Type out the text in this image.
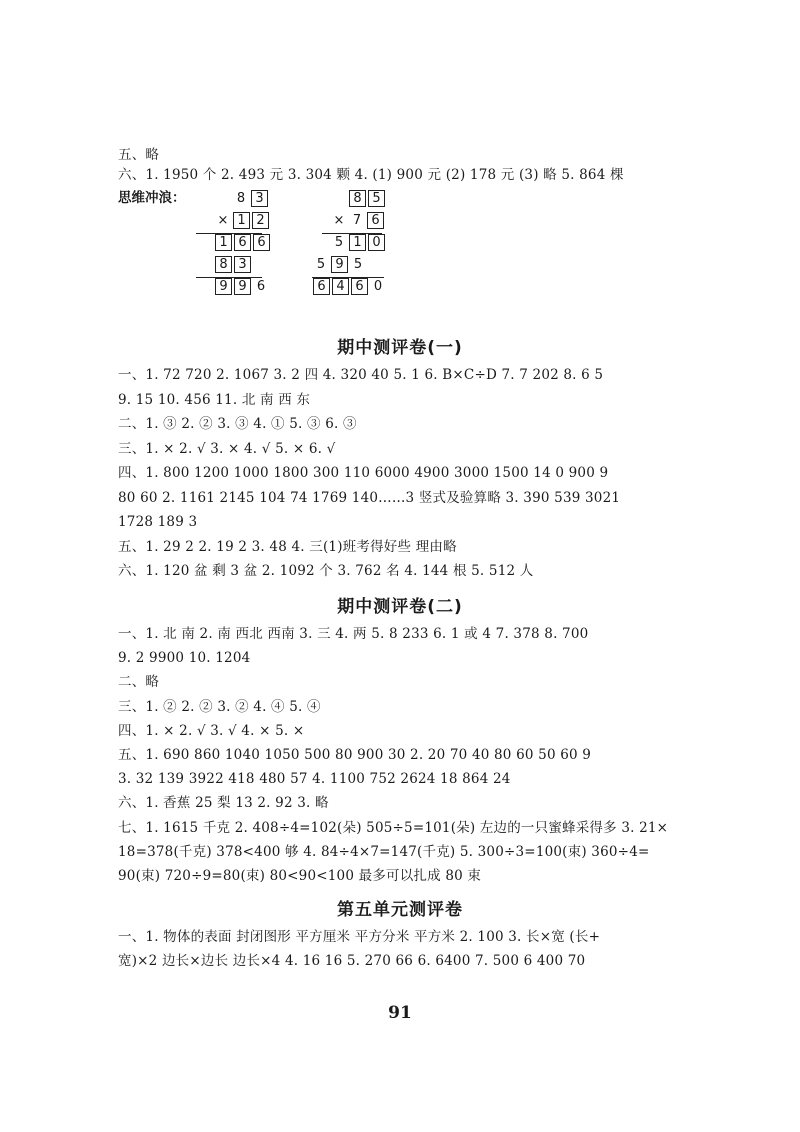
五、略
六、1. 1950 个 2. 493 元 3. 304 颗 4. (1) 900 元 (2) 178 元 (3) 略 5. 864 棵
思维冲浪：	8 3
× 1 2
1 6 6
8 3
9 9 6
8 5
× 7 6
5 1 0
5 9 5
6 4 6 0
期中测评卷(一)
一、1. 72 720 2. 1067 3. 2 四 4. 320 40 5. 1 6. B×C÷D 7. 7 202 8. 6 5
9. 15 10. 456 11. 北 南 西 东
二、1. ③ 2. ② 3. ③ 4. ① 5. ③ 6. ③
三、1. × 2. √ 3. × 4. √ 5. × 6. √
四、1. 800 1200 1000 1800 300 110 6000 4900 3000 1500 14 0 900 9
80 60 2. 1161 2145 104 74 1769 140……3 竖式及验算略 3. 390 539 3021
1728 189 3
五、1. 29 2 2. 19 2 3. 48 4. 三(1)班考得好些 理由略
六、1. 120 盆 剩 3 盆 2. 1092 个 3. 762 名 4. 144 根 5. 512 人
期中测评卷(二)
一、1. 北 南 2. 南 西北 西南 3. 三 4. 两 5. 8 233 6. 1 或 4 7. 378 8. 700
9. 2 9900 10. 1204
二、略
三、1. ② 2. ② 3. ② 4. ④ 5. ④
四、1. × 2. √ 3. √ 4. × 5. ×
五、1. 690 860 1040 1050 500 80 900 30 2. 20 70 40 80 60 50 60 9
3. 32 139 3922 418 480 57 4. 1100 752 2624 18 864 24
六、1. 香蕉 25 梨 13 2. 92 3. 略
七、1. 1615 千克 2. 408÷4=102(朵) 505÷5=101(朵) 左边的一只蜜蜂采得多 3. 21×
18=378(千克) 378<400 够 4. 84÷4×7=147(千克) 5. 300÷3=100(束) 360÷4=
90(束) 720÷9=80(束) 80<90<100 最多可以扎成 80 束
第五单元测评卷
一、1. 物体的表面 封闭图形 平方厘米 平方分米 平方米 2. 100 3. 长×宽 (长+
宽)×2 边长×边长 边长×4 4. 16 16 5. 270 66 6. 6400 7. 500 6 400 70
91
